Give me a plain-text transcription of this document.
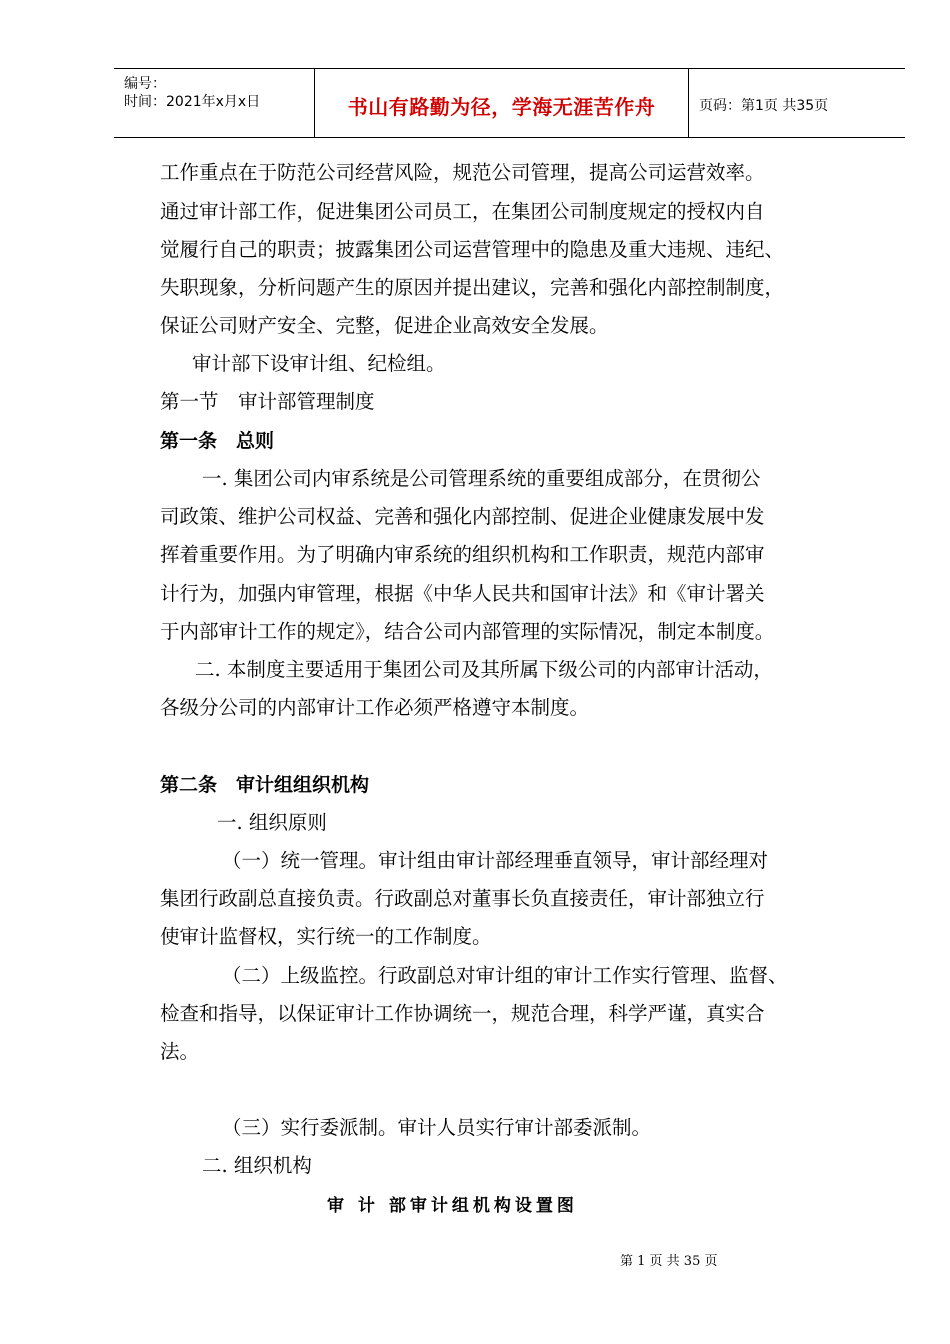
编号：
时间：2021年x月x日	书山有路勤为径，学海无涯苦作舟	页码：第1页 共35页
工作重点在于防范公司经营风险，规范公司管理，提高公司运营效率。
通过审计部工作，促进集团公司员工，在集团公司制度规定的授权内自
觉履行自己的职责；披露集团公司运营管理中的隐患及重大违规、违纪、
失职现象，分析问题产生的原因并提出建议，完善和强化内部控制制度，
保证公司财产安全、完整，促进企业高效安全发展。
审计部下设审计组、纪检组。
第一节　审计部管理制度
第一条　总则
一. 集团公司内审系统是公司管理系统的重要组成部分，在贯彻公
司政策、维护公司权益、完善和强化内部控制、促进企业健康发展中发
挥着重要作用。为了明确内审系统的组织机构和工作职责，规范内部审
计行为，加强内审管理，根据《中华人民共和国审计法》和《审计署关
于内部审计工作的规定》，结合公司内部管理的实际情况，制定本制度。
二. 本制度主要适用于集团公司及其所属下级公司的内部审计活动，
各级分公司的内部审计工作必须严格遵守本制度。
第二条　审计组组织机构
一. 组织原则
（一）统一管理。审计组由审计部经理垂直领导，审计部经理对
集团行政副总直接负责。行政副总对董事长负直接责任，审计部独立行
使审计监督权，实行统一的工作制度。
（二）上级监控。行政副总对审计组的审计工作实行管理、监督、
检查和指导，以保证审计工作协调统一，规范合理，科学严谨，真实合
法。
（三）实行委派制。审计人员实行审计部委派制。
二. 组织机构
审 计 部审计组机构设置图
第 1 页 共 35 页
